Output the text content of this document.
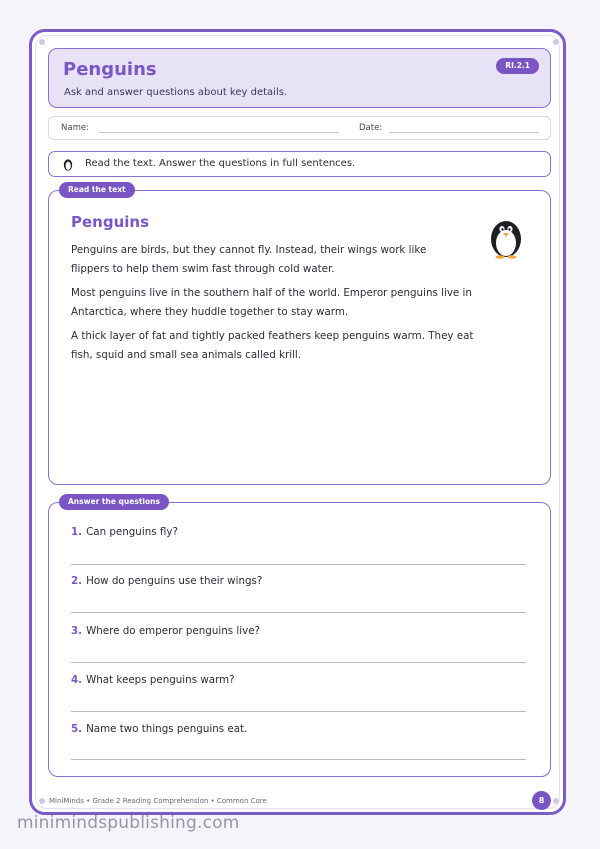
Penguins
Ask and answer questions about key details.
RI.2.1
Name:	Date:
Read the text. Answer the questions in full sentences.
Read the text
Penguins

Penguins are birds, but they cannot fly. Instead, their wings work like flippers to help them swim fast through cold water.

Most penguins live in the southern half of the world. Emperor penguins live in Antarctica, where they huddle together to stay warm.

A thick layer of fat and tightly packed feathers keep penguins warm. They eat fish, squid and small sea animals called krill.

Answer the questions
1. Can penguins fly?
2. How do penguins use their wings?
3. Where do emperor penguins live?
4. What keeps penguins warm?
5. Name two things penguins eat.
MiniMinds • Grade 2 Reading Comprehension • Common Core	8
minimindspublishing.com
